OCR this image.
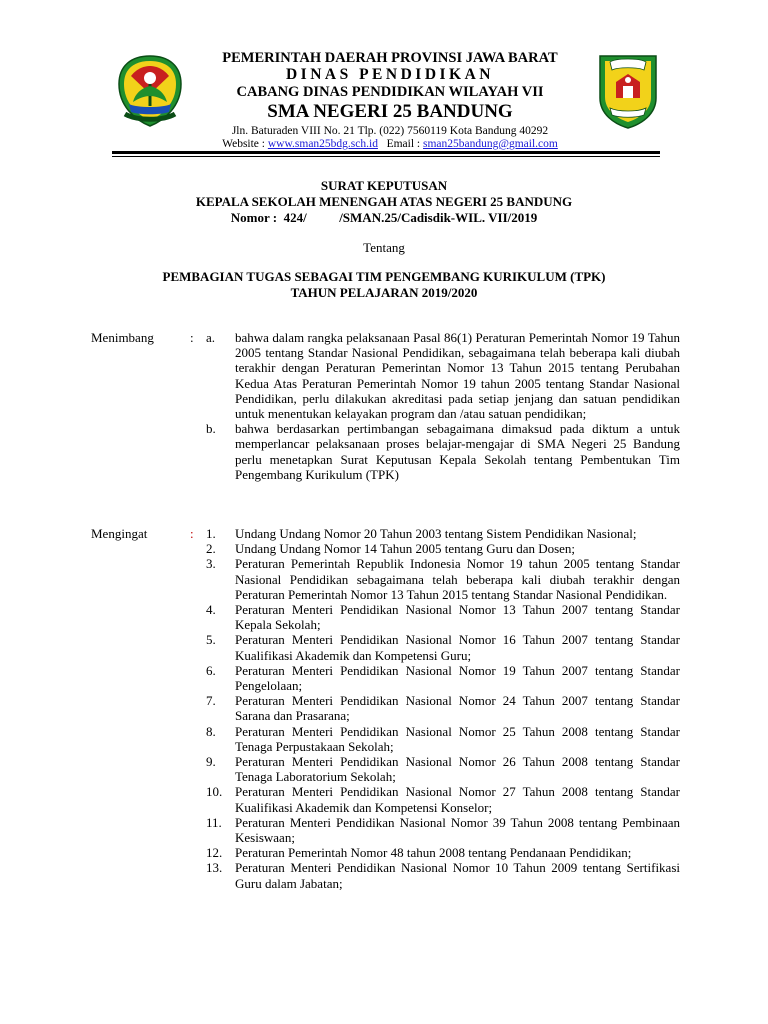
PEMERINTAH DAERAH PROVINSI JAWA BARAT
DINAS PENDIDIKAN
CABANG DINAS PENDIDIKAN WILAYAH VII
SMA NEGERI 25 BANDUNG
Jln. Baturaden VIII No. 21 Tlp. (022) 7560119 Kota Bandung 40292
Website : www.sman25bdg.sch.id Email : sman25bandung@gmail.com
SURAT KEPUTUSAN
KEPALA SEKOLAH MENENGAH ATAS NEGERI 25 BANDUNG
Nomor :  424/          /SMAN.25/Cadisdik-WIL. VII/2019
Tentang
PEMBAGIAN TUGAS SEBAGAI TIM PENGEMBANG KURIKULUM (TPK)
TAHUN PELAJARAN 2019/2020
Menimbang	: a.	bahwa dalam rangka pelaksanaan Pasal 86(1) Peraturan Pemerintah Nomor 19 Tahun 2005 tentang Standar Nasional Pendidikan, sebagaimana telah beberapa kali diubah terakhir dengan Peraturan Pemerintan Nomor 13 Tahun 2015 tentang Perubahan Kedua Atas Peraturan Pemerintah Nomor 19 tahun 2005 tentang Standar Nasional Pendidikan, perlu dilakukan akreditasi pada setiap jenjang dan satuan pendidikan untuk menentukan kelayakan program dan /atau satuan pendidikan;
b.	bahwa berdasarkan pertimbangan sebagaimana dimaksud pada diktum a untuk memperlancar pelaksanaan proses belajar-mengajar di SMA Negeri 25 Bandung perlu menetapkan Surat Keputusan Kepala Sekolah tentang Pembentukan Tim Pengembang Kurikulum (TPK)
Mengingat	: 1.	Undang Undang Nomor 20 Tahun 2003 tentang Sistem Pendidikan Nasional;
2.	Undang Undang Nomor 14 Tahun 2005 tentang Guru dan Dosen;
3.	Peraturan Pemerintah Republik Indonesia Nomor 19 tahun 2005 tentang Standar Nasional Pendidikan sebagaimana telah beberapa kali diubah terakhir dengan Peraturan Pemerintah Nomor 13 Tahun 2015 tentang Standar Nasional Pendidikan.
4.	Peraturan Menteri Pendidikan Nasional Nomor 13 Tahun 2007 tentang Standar Kepala Sekolah;
5.	Peraturan Menteri Pendidikan Nasional Nomor 16 Tahun 2007 tentang Standar Kualifikasi Akademik dan Kompetensi Guru;
6.	Peraturan Menteri Pendidikan Nasional Nomor 19 Tahun 2007 tentang Standar Pengelolaan;
7.	Peraturan Menteri Pendidikan Nasional Nomor 24 Tahun 2007 tentang Standar Sarana dan Prasarana;
8.	Peraturan Menteri Pendidikan Nasional Nomor 25 Tahun 2008 tentang Standar Tenaga Perpustakaan Sekolah;
9.	Peraturan Menteri Pendidikan Nasional Nomor 26 Tahun 2008 tentang Standar Tenaga Laboratorium Sekolah;
10. Peraturan Menteri Pendidikan Nasional Nomor 27 Tahun 2008 tentang Standar Kualifikasi Akademik dan Kompetensi Konselor;
11.	Peraturan Menteri Pendidikan Nasional Nomor 39 Tahun 2008 tentang Pembinaan Kesiswaan;
12. Peraturan Pemerintah Nomor 48 tahun 2008 tentang Pendanaan Pendidikan;
13. Peraturan Menteri Pendidikan Nasional Nomor 10 Tahun 2009 tentang Sertifikasi Guru dalam Jabatan;
